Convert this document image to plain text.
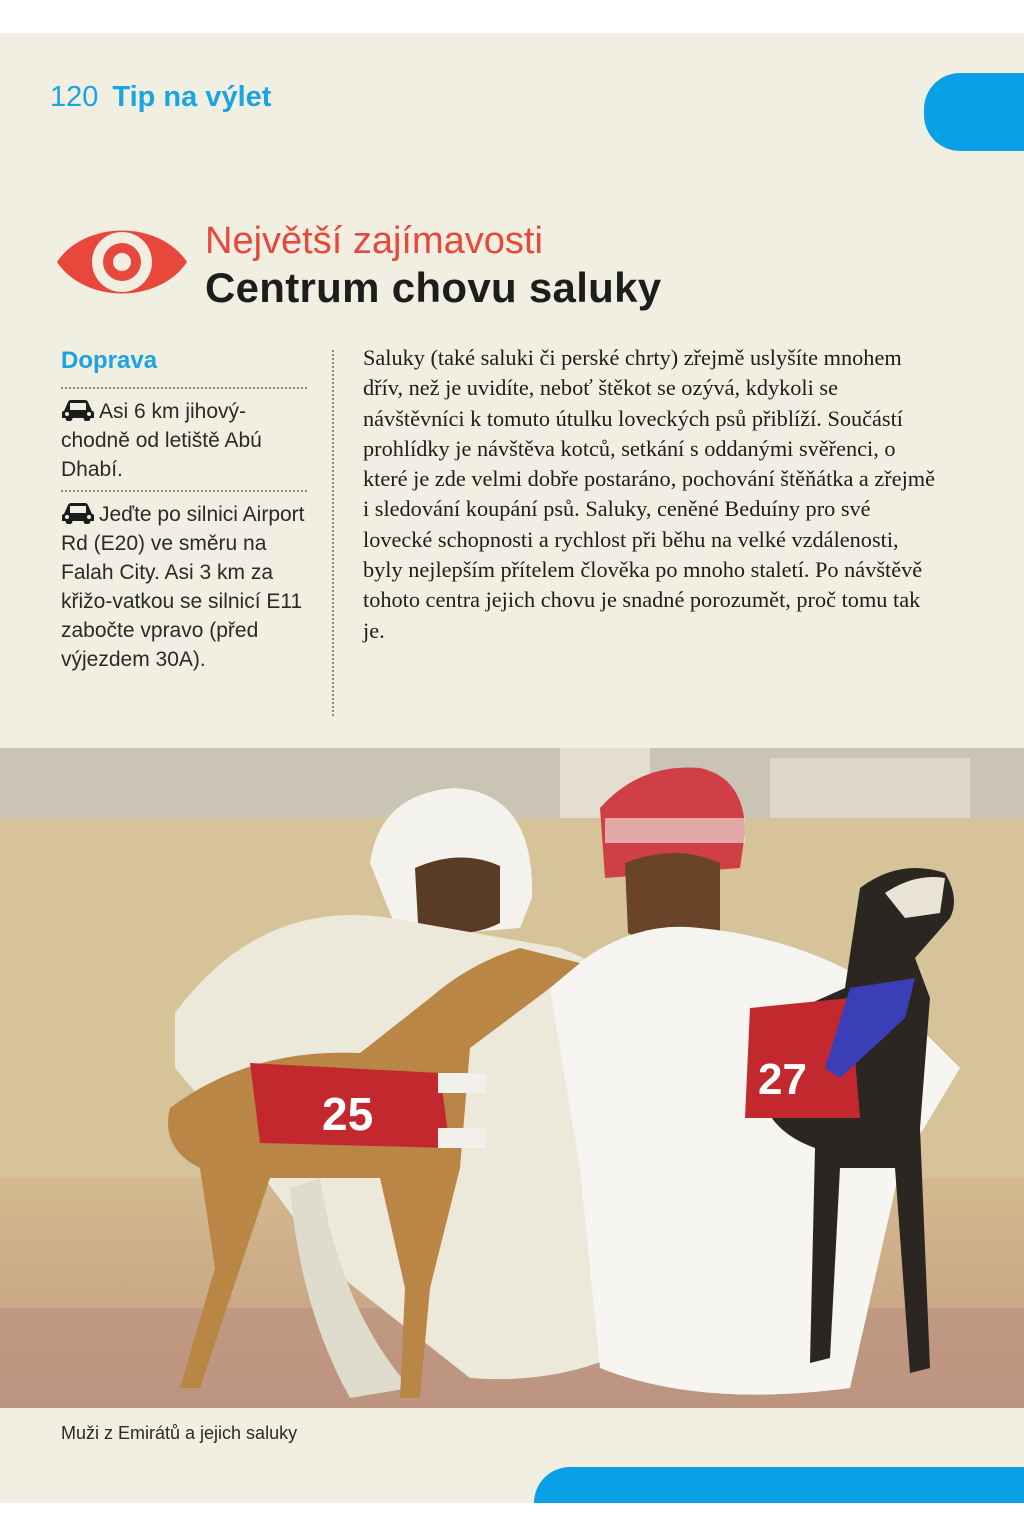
120 Tip na výlet
Největší zajímavosti
Centrum chovu saluky
Doprava
Asi 6 km jihový-chodně od letiště Abú Dhabí.
Jeďte po silnici Airport Rd (E20) ve směru na Falah City. Asi 3 km za křižo-vatkou se silnicí E11 zabočte vpravo (před výjezdem 30A).
Saluky (také saluki či perské chrty) zřejmě uslyšíte mnohem dřív, než je uvidíte, neboť štěkot se ozývá, kdykoli se návštěvníci k tomuto útulku loveckých psů přiblíží. Součástí prohlídky je návštěva kotců, setkání s oddanými svěřenci, o které je zde velmi dobře postaráno, pochování štěňátka a zřejmě i sledování koupání psů. Saluky, ceněné Beduíny pro své lovecké schopnosti a rychlost při běhu na velké vzdálenosti, byly nejlepším přítelem člověka po mnoho staletí. Po návštěvě tohoto centra jejich chovu je snadné porozumět, proč tomu tak je.
25
27
Muži z Emirátů a jejich saluky
